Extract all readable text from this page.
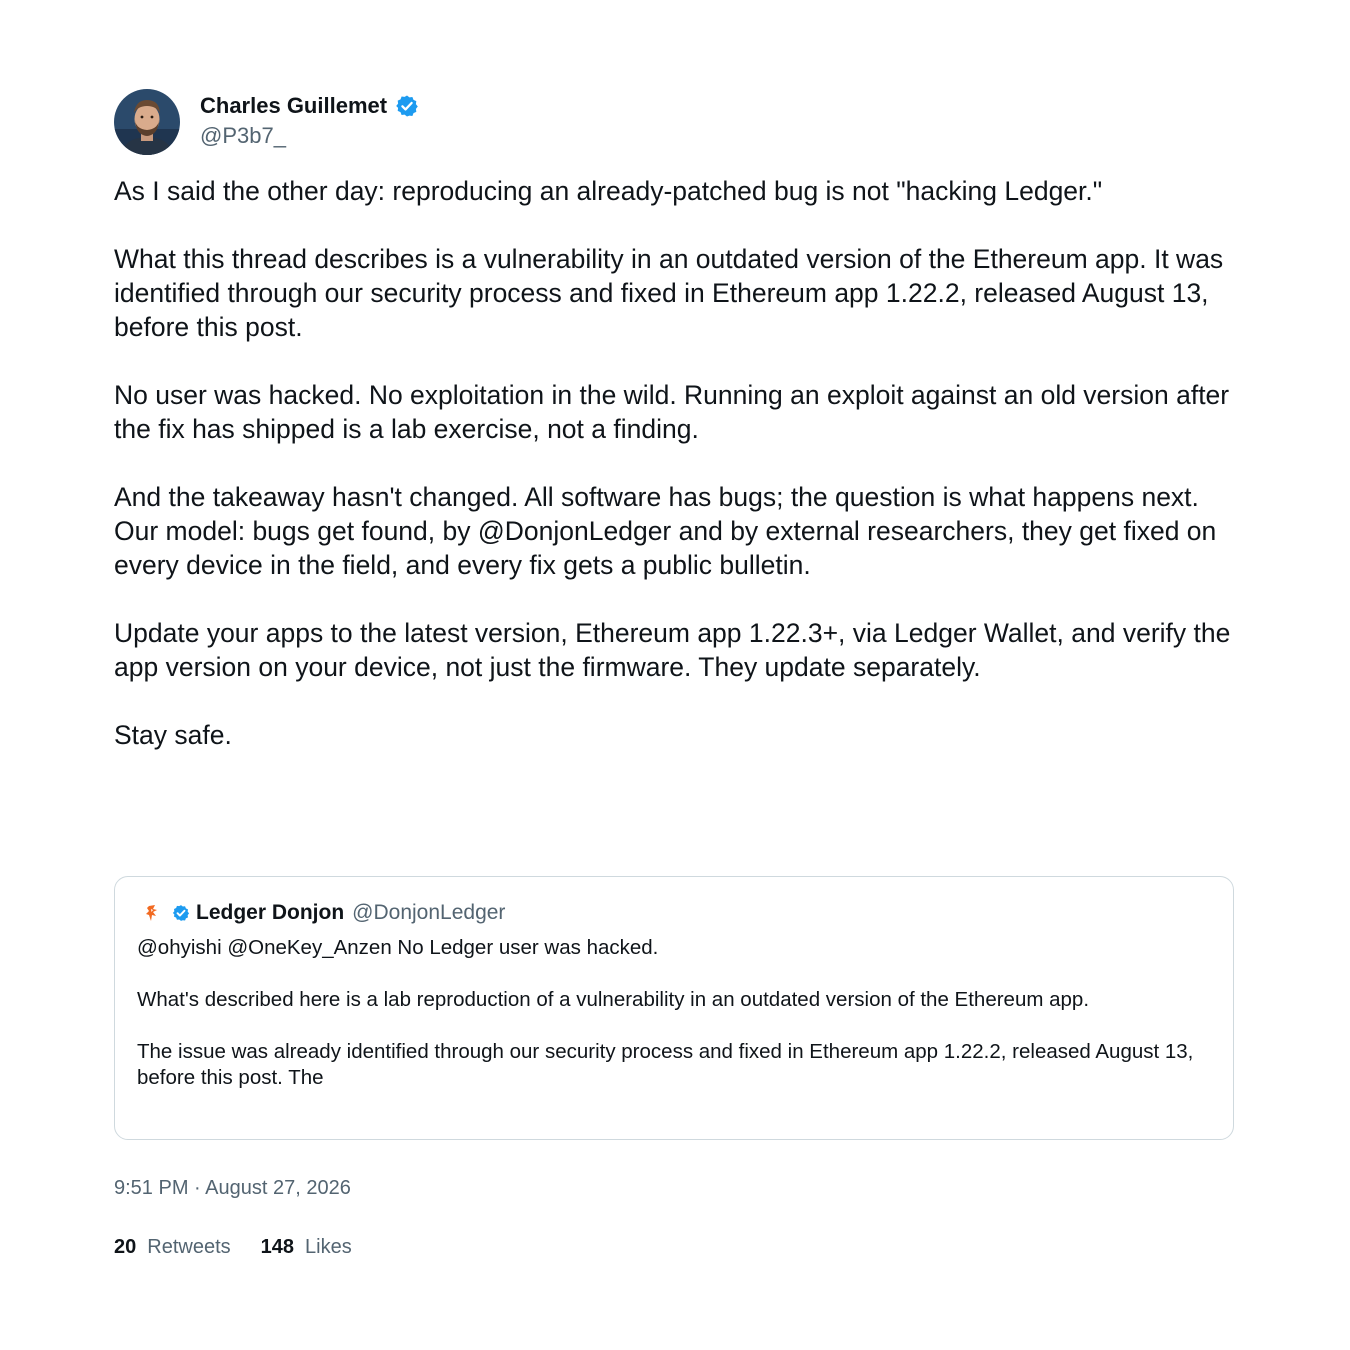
Charles Guillemet
@P3b7_

As I said the other day: reproducing an already-patched bug is not "hacking Ledger."

What this thread describes is a vulnerability in an outdated version of the Ethereum app. It was identified through our security process and fixed in Ethereum app 1.22.2, released August 13, before this post.

No user was hacked. No exploitation in the wild. Running an exploit against an old version after the fix has shipped is a lab exercise, not a finding.

And the takeaway hasn't changed. All software has bugs; the question is what happens next. Our model: bugs get found, by @DonjonLedger and by external researchers, they get fixed on every device in the field, and every fix gets a public bulletin.

Update your apps to the latest version, Ethereum app 1.22.3+, via Ledger Wallet, and verify the app version on your device, not just the firmware. They update separately.

Stay safe.

Ledger Donjon @DonjonLedger

@ohyishi @OneKey_Anzen No Ledger user was hacked.

What's described here is a lab reproduction of a vulnerability in an outdated version of the Ethereum app.

The issue was already identified through our security process and fixed in Ethereum app 1.22.2, released August 13, before this post. The

9:51 PM · August 27, 2026
20 Retweets 148 Likes
